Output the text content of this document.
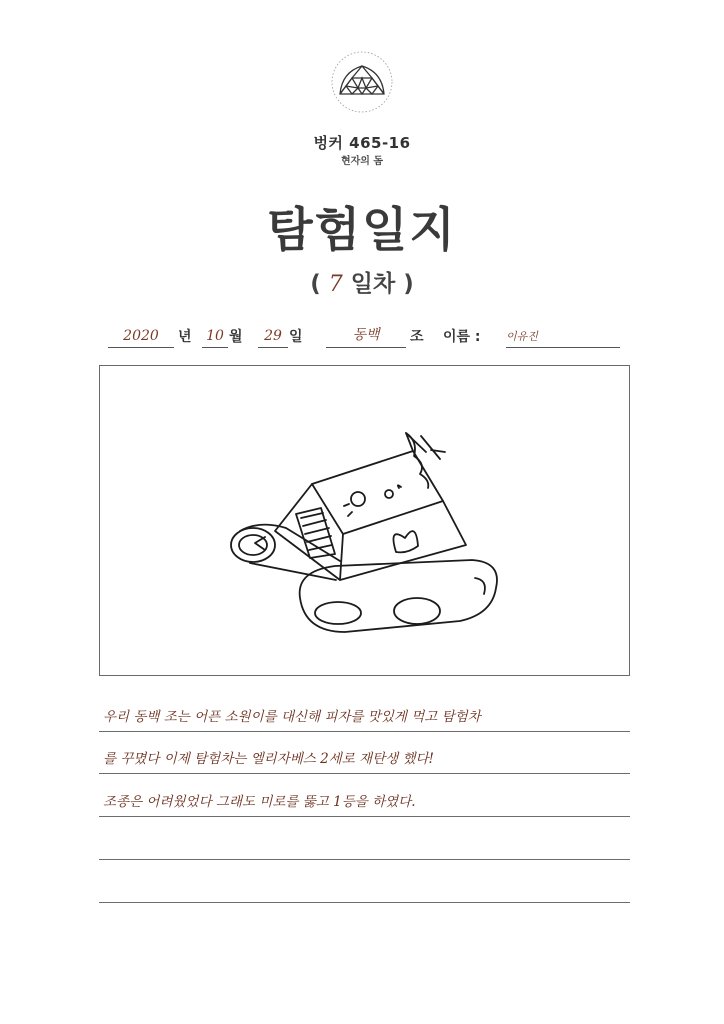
벙커 465-16
현자의 돔
탐험일지
( 7 일차 )
2020	년 10 월	29 일	동백	조 이름 : 이유진
우리 동백 조는 어픈 소원이를 대신해 피자를 맛있게 먹고 탐험차
를 꾸몄다 이제 탐험차는 엘리자베스 2세로 재탄생 했다!
조종은 어려웠었다 그래도 미로를 뚫고 1등을 하였다.
